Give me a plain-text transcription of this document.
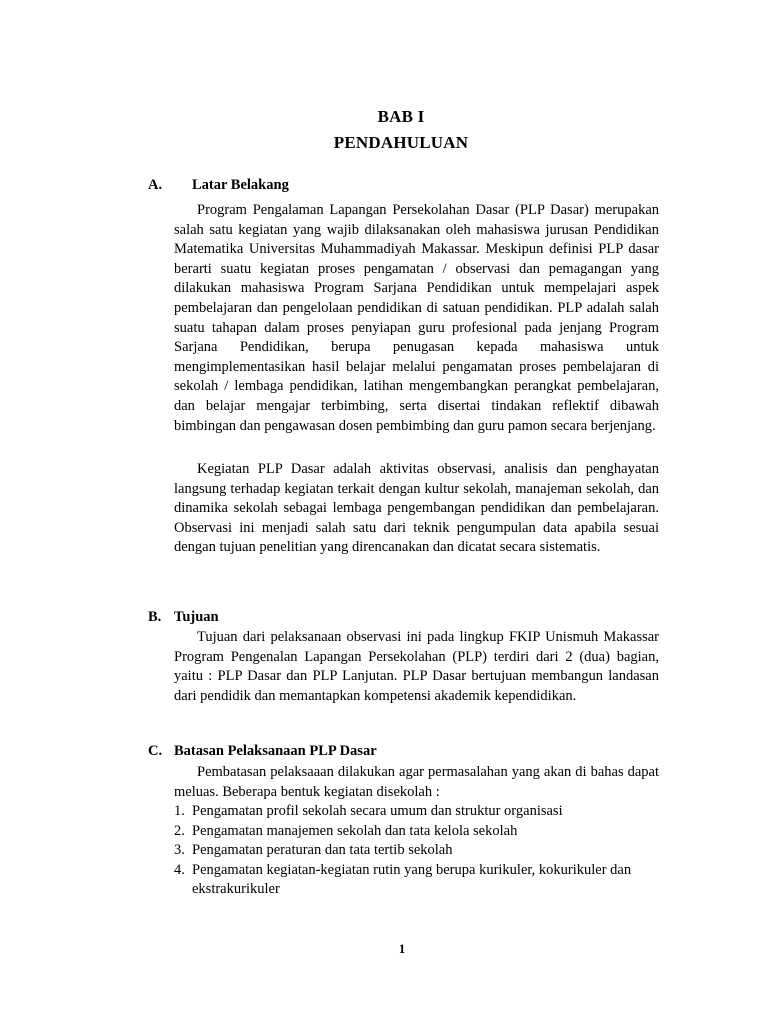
BAB I
PENDAHULUAN
A. Latar Belakang

Program Pengalaman Lapangan Persekolahan Dasar (PLP Dasar) merupakan salah satu kegiatan yang wajib dilaksanakan oleh mahasiswa jurusan Pendidikan Matematika Universitas Muhammadiyah Makassar. Meskipun definisi PLP dasar berarti suatu kegiatan proses pengamatan / observasi dan pemagangan yang dilakukan mahasiswa Program Sarjana Pendidikan untuk mempelajari aspek pembelajaran dan pengelolaan pendidikan di satuan pendidikan. PLP adalah salah suatu tahapan dalam proses penyiapan guru profesional pada jenjang Program Sarjana Pendidikan, berupa penugasan kepada mahasiswa untuk mengimplementasikan hasil belajar melalui pengamatan proses pembelajaran di sekolah / lembaga pendidikan, latihan mengembangkan perangkat pembelajaran, dan belajar mengajar terbimbing, serta disertai tindakan reflektif dibawah bimbingan dan pengawasan dosen pembimbing dan guru pamon secara berjenjang.

Kegiatan PLP Dasar adalah aktivitas observasi, analisis dan penghayatan langsung terhadap kegiatan terkait dengan kultur sekolah, manajeman sekolah, dan dinamika sekolah sebagai lembaga pengembangan pendidikan dan pembelajaran. Observasi ini menjadi salah satu dari teknik pengumpulan data apabila sesuai dengan tujuan penelitian yang direncanakan dan dicatat secara sistematis.

B. Tujuan

Tujuan dari pelaksanaan observasi ini pada lingkup FKIP Unismuh Makassar Program Pengenalan Lapangan Persekolahan (PLP) terdiri dari 2 (dua) bagian, yaitu : PLP Dasar dan PLP Lanjutan. PLP Dasar bertujuan membangun landasan dari pendidik dan memantapkan kompetensi akademik kependidikan.

C. Batasan Pelaksanaan PLP Dasar

Pembatasan pelaksaaan dilakukan agar permasalahan yang akan di bahas dapat meluas. Beberapa bentuk kegiatan disekolah :

1. Pengamatan profil sekolah secara umum dan struktur organisasi
2. Pengamatan manajemen sekolah dan tata kelola sekolah
3. Pengamatan peraturan dan tata tertib sekolah
4. Pengamatan kegiatan-kegiatan rutin yang berupa kurikuler, kokurikuler dan ekstrakurikuler
1
